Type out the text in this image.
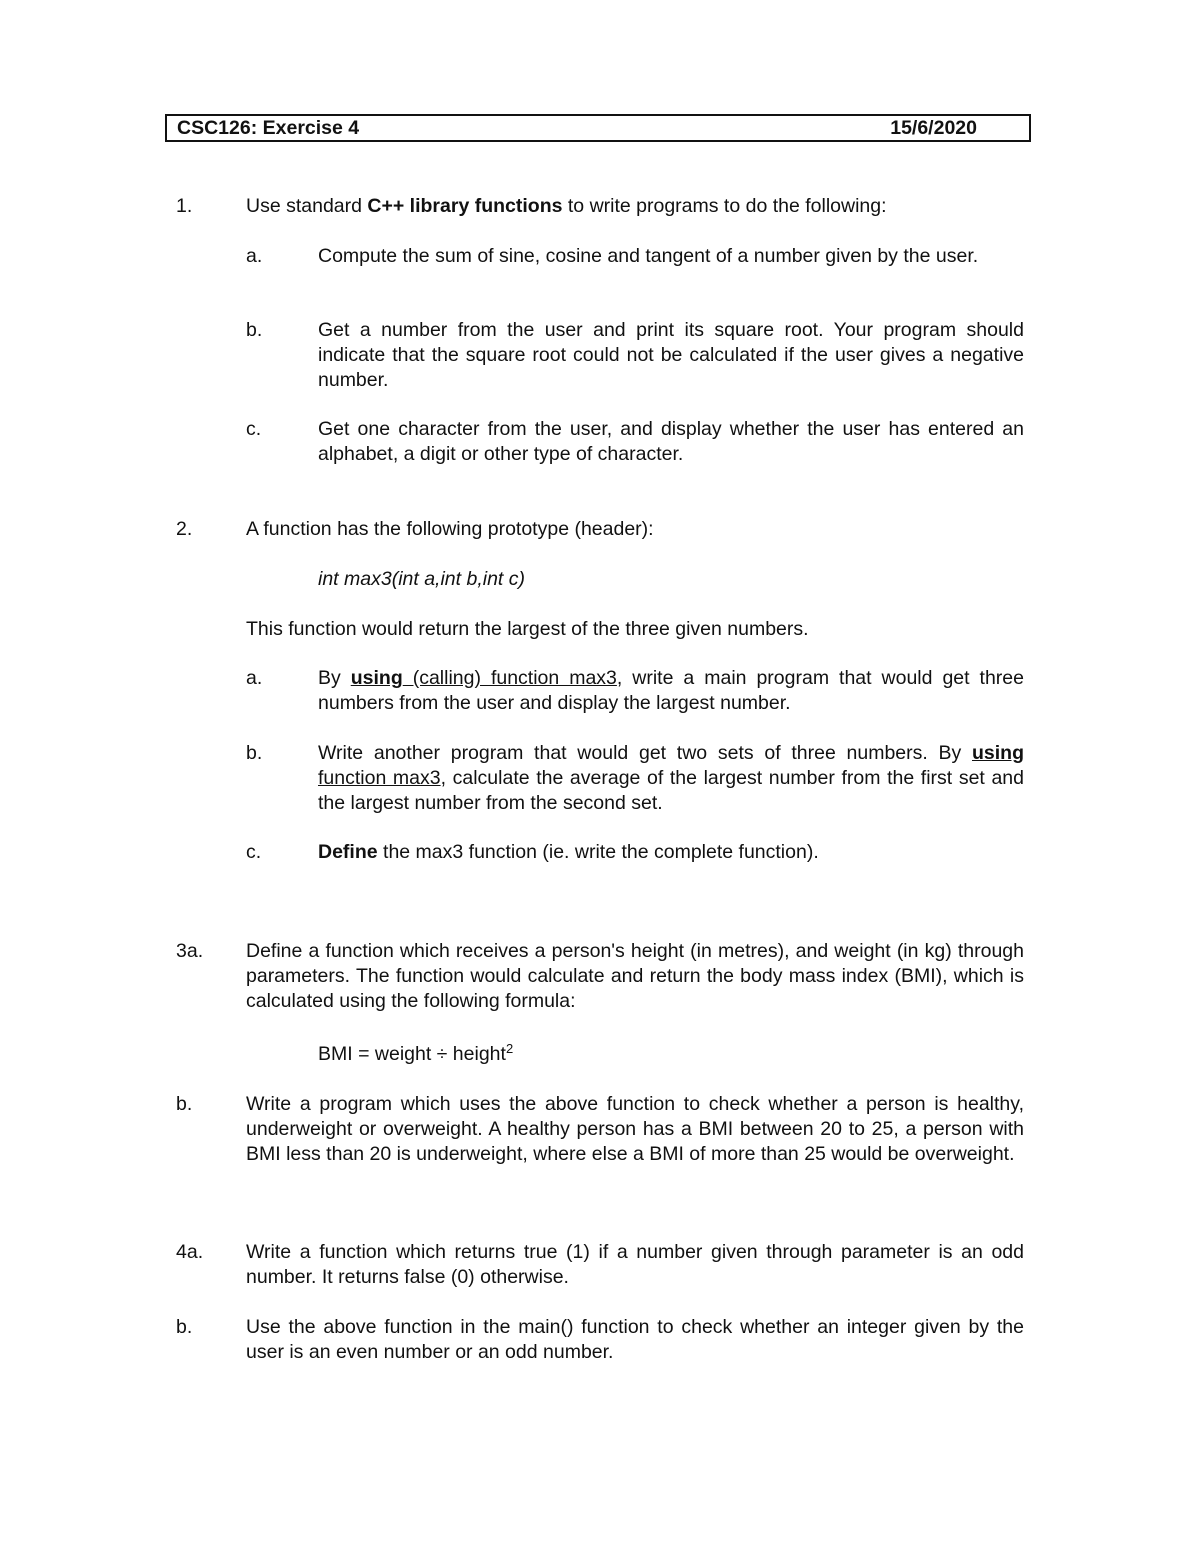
CSC126: Exercise 4	15/6/2020
1.	Use standard C++ library functions to write programs to do the following:
a.	Compute the sum of sine, cosine and tangent of a number given by the user.
b.	Get a number from the user and print its square root. Your program should indicate that the square root could not be calculated if the user gives a negative number.
c.	Get one character from the user, and display whether the user has entered an alphabet, a digit or other type of character.
2.	A function has the following prototype (header):
int max3(int a,int b,int c)
This function would return the largest of the three given numbers.
a.	By using (calling) function max3, write a main program that would get three numbers from the user and display the largest number.
b.	Write another program that would get two sets of three numbers. By using function max3, calculate the average of the largest number from the first set and the largest number from the second set.
c.	Define the max3 function (ie. write the complete function).
3a. Define a function which receives a person's height (in metres), and weight (in kg) through parameters. The function would calculate and return the body mass index (BMI), which is calculated using the following formula:
BMI = weight ÷ height$^2$
b.	Write a program which uses the above function to check whether a person is healthy, underweight or overweight. A healthy person has a BMI between 20 to 25, a person with BMI less than 20 is underweight, where else a BMI of more than 25 would be overweight.
4a. Write a function which returns true (1) if a number given through parameter is an odd number. It returns false (0) otherwise.
b.	Use the above function in the main() function to check whether an integer given by the user is an even number or an odd number.
